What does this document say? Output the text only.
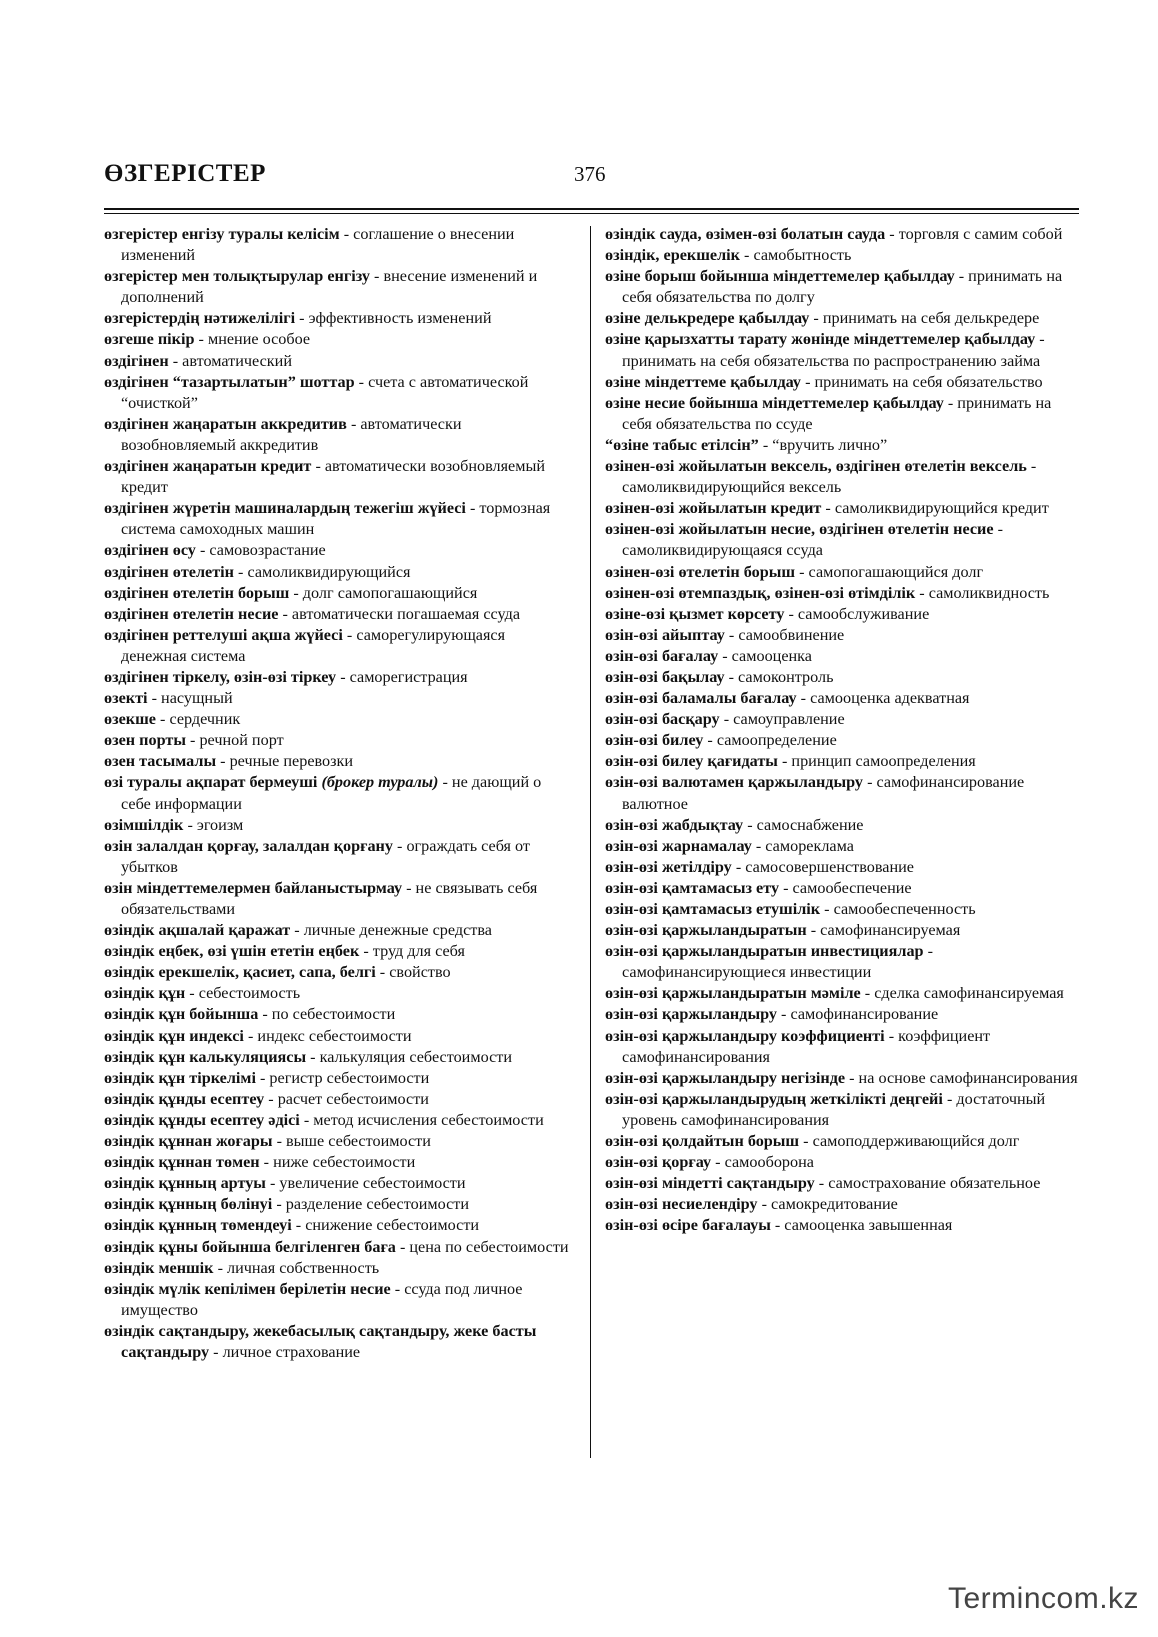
ӨЗГЕРІСТЕР	376

өзгерістер енгізу туралы келісім - соглашение о внесении изменений

өзгерістер мен толықтырулар енгізу - внесение изменений и дополнений

өзгерістердің нәтижелілігі - эффективность изменений

өзгеше пікір - мнение особое

өздігінен - автоматический

өздігінен “тазартылатын” шоттар - счета с автоматической “очисткой”

өздігінен жаңаратын аккредитив - автоматически возобновляемый аккредитив

өздігінен жаңаратын кредит - автоматически возобновляемый кредит

өздігінен жүретін машиналардың тежегіш жүйесі - тормозная система самоходных машин

өздігінен өсу - самовозрастание

өздігінен өтелетін - самоликвидирующийся

өздігінен өтелетін борыш - долг самопогашающийся

өздігінен өтелетін несие - автоматически погашаемая ссуда

өздігінен реттелуші ақша жүйесі - саморегулирующаяся денежная система

өздігінен тіркелу, өзін-өзі тіркеу - саморегистрация

өзекті - насущный

өзекше - сердечник

өзен порты - речной порт

өзен тасымалы - речные перевозки

өзі туралы ақпарат бермеуші (брокер туралы) - не дающий о себе информации

өзімшілдік - эгоизм

өзін залалдан қорғау, залалдан қорғану - ограждать себя от убытков

өзін міндеттемелермен байланыстырмау - не связывать себя обязательствами

өзіндік ақшалай қаражат - личные денежные средства

өзіндік еңбек, өзі үшін ететін еңбек - труд для себя

өзіндік ерекшелік, қасиет, сапа, белгі - свойство

өзіндік құн - себестоимость

өзіндік құн бойынша - по себестоимости

өзіндік құн индексі - индекс себестоимости

өзіндік құн калькуляциясы - калькуляция себестоимости

өзіндік құн тіркелімі - регистр себестоимости

өзіндік құнды есептеу - расчет себестоимости

өзіндік құнды есептеу әдісі - метод исчисления себестоимости

өзіндік құннан жоғары - выше себестоимости

өзіндік құннан төмен - ниже себестоимости

өзіндік құнның артуы - увеличение себестоимости

өзіндік құнның бөлінуі - разделение себестоимости

өзіндік құнның төмендеуі - снижение себестоимости

өзіндік құны бойынша белгіленген баға - цена по себестоимости

өзіндік меншік - личная собственность

өзіндік мүлік кепілімен берілетін несие - ссуда под личное имущество

өзіндік сақтандыру, жекебасылық сақтандыру, жеке басты сақтандыру - личное страхование

өзіндік сауда, өзімен-өзі болатын сауда - торговля с самим собой

өзіндік, ерекшелік - самобытность

өзіне борыш бойынша міндеттемелер қабылдау - принимать на себя обязательства по долгу

өзіне делькредере қабылдау - принимать на себя делькредере

өзіне қарызхатты тарату жөнінде міндеттемелер қабылдау - принимать на себя обязательства по распространению займа

өзіне міндеттеме қабылдау - принимать на себя обязательство

өзіне несие бойынша міндеттемелер қабылдау - принимать на себя обязательства по ссуде

“өзіне табыс етілсін” - “вручить лично”

өзінен-өзі жойылатын вексель, өздігінен өтелетін вексель - самоликвидирующийся вексель

өзінен-өзі жойылатын кредит - самоликвидирующийся кредит

өзінен-өзі жойылатын несие, өздігінен өтелетін несие - самоликвидирующаяся ссуда

өзінен-өзі өтелетін борыш - самопогашающийся долг

өзінен-өзі өтемпаздық, өзінен-өзі өтімділік - самоликвидность

өзіне-өзі қызмет көрсету - самообслуживание

өзін-өзі айыптау - самообвинение

өзін-өзі бағалау - самооценка

өзін-өзі бақылау - самоконтроль

өзін-өзі баламалы бағалау - самооценка адекватная

өзін-өзі басқару - самоуправление

өзін-өзі билеу - самоопределение

өзін-өзі билеу қағидаты - принцип самоопределения

өзін-өзі валютамен қаржыландыру - самофинансирование валютное

өзін-өзі жабдықтау - самоснабжение

өзін-өзі жарнамалау - самореклама

өзін-өзі жетілдіру - самосовершенствование

өзін-өзі қамтамасыз ету - самообеспечение

өзін-өзі қамтамасыз етушілік - самообеспеченность

өзін-өзі қаржыландыратын - самофинансируемая

өзін-өзі қаржыландыратын инвестициялар - самофинансирующиеся инвестиции

өзін-өзі қаржыландыратын мәміле - сделка самофинансируемая

өзін-өзі қаржыландыру - самофинансирование

өзін-өзі қаржыландыру коэффициенті - коэффициент самофинансирования

өзін-өзі қаржыландыру негізінде - на основе самофинансирования

өзін-өзі қаржыландырудың жеткілікті деңгейі - достаточный уровень самофинансирования

өзін-өзі қолдайтын борыш - самоподдерживающийся долг

өзін-өзі қорғау - самооборона

өзін-өзі міндетті сақтандыру - самострахование обязательное

өзін-өзі несиелендіру - самокредитование

өзін-өзі өсіре бағалауы - самооценка завышенная

Termincom.kz
